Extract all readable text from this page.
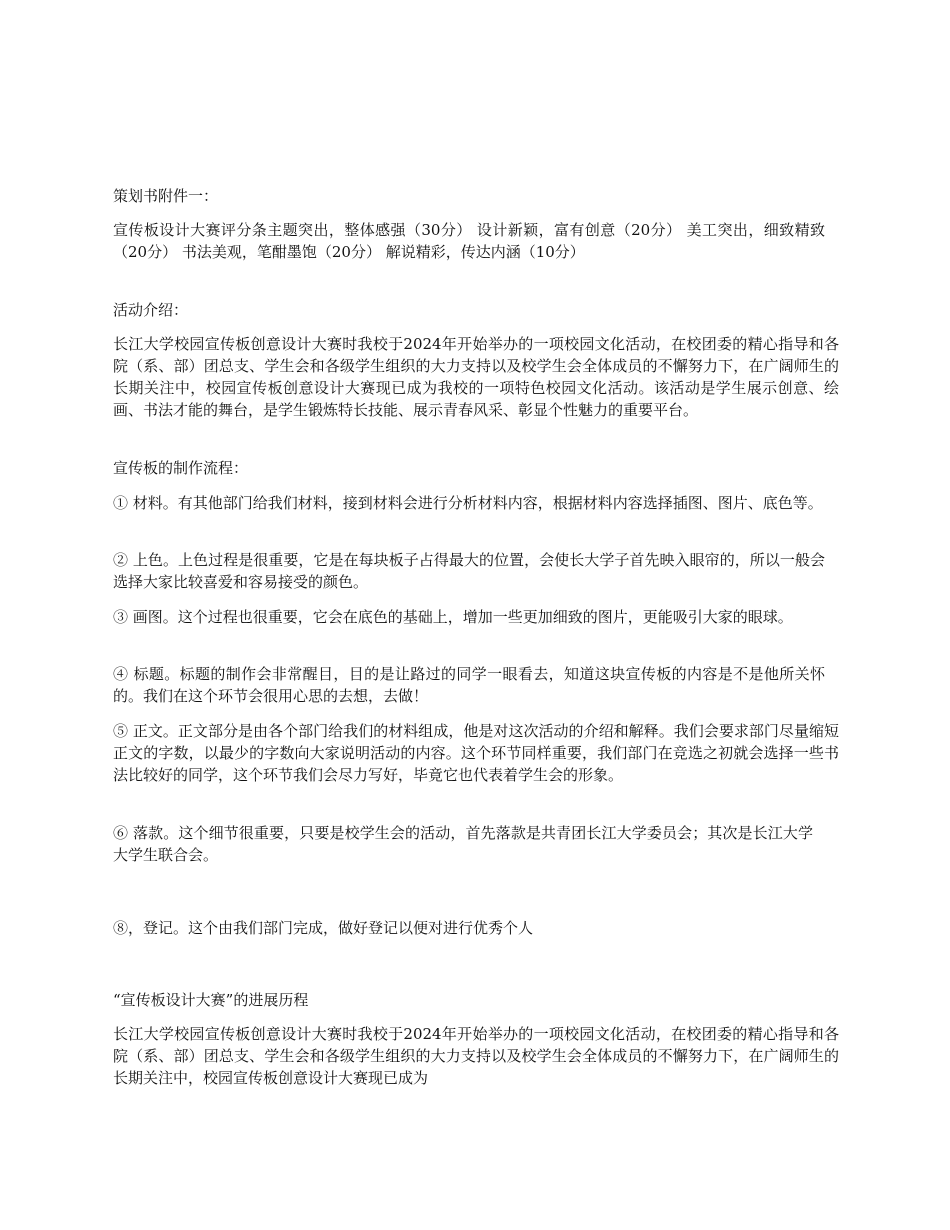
策划书附件一：

宣传板设计大赛评分条主题突出，整体感强（30分） 设计新颖，富有创意（20分） 美工突出，细致精致（20分） 书法美观，笔酣墨饱（20分） 解说精彩，传达内涵（10分）

活动介绍：

长江大学校园宣传板创意设计大赛时我校于2024年开始举办的一项校园文化活动，在校团委的精心指导和各院（系、部）团总支、学生会和各级学生组织的大力支持以及校学生会全体成员的不懈努力下，在广阔师生的长期关注中，校园宣传板创意设计大赛现已成为我校的一项特色校园文化活动。该活动是学生展示创意、绘画、书法才能的舞台，是学生锻炼特长技能、展示青春风采、彰显个性魅力的重要平台。

宣传板的制作流程：

① 材料。有其他部门给我们材料，接到材料会进行分析材料内容，根据材料内容选择插图、图片、底色等。

② 上色。上色过程是很重要，它是在每块板子占得最大的位置，会使长大学子首先映入眼帘的，所以一般会选择大家比较喜爱和容易接受的颜色。

③ 画图。这个过程也很重要，它会在底色的基础上，增加一些更加细致的图片，更能吸引大家的眼球。

④ 标题。标题的制作会非常醒目，目的是让路过的同学一眼看去，知道这块宣传板的内容是不是他所关怀的。我们在这个环节会很用心思的去想，去做！

⑤ 正文。正文部分是由各个部门给我们的材料组成，他是对这次活动的介绍和解释。我们会要求部门尽量缩短正文的字数，以最少的字数向大家说明活动的内容。这个环节同样重要，我们部门在竞选之初就会选择一些书法比较好的同学，这个环节我们会尽力写好，毕竟它也代表着学生会的形象。

⑥ 落款。这个细节很重要，只要是校学生会的活动，首先落款是共青团长江大学委员会；其次是长江大学大学生联合会。

⑧，登记。这个由我们部门完成，做好登记以便对进行优秀个人

“宣传板设计大赛”的进展历程

长江大学校园宣传板创意设计大赛时我校于2024年开始举办的一项校园文化活动，在校团委的精心指导和各院（系、部）团总支、学生会和各级学生组织的大力支持以及校学生会全体成员的不懈努力下，在广阔师生的长期关注中，校园宣传板创意设计大赛现已成为
